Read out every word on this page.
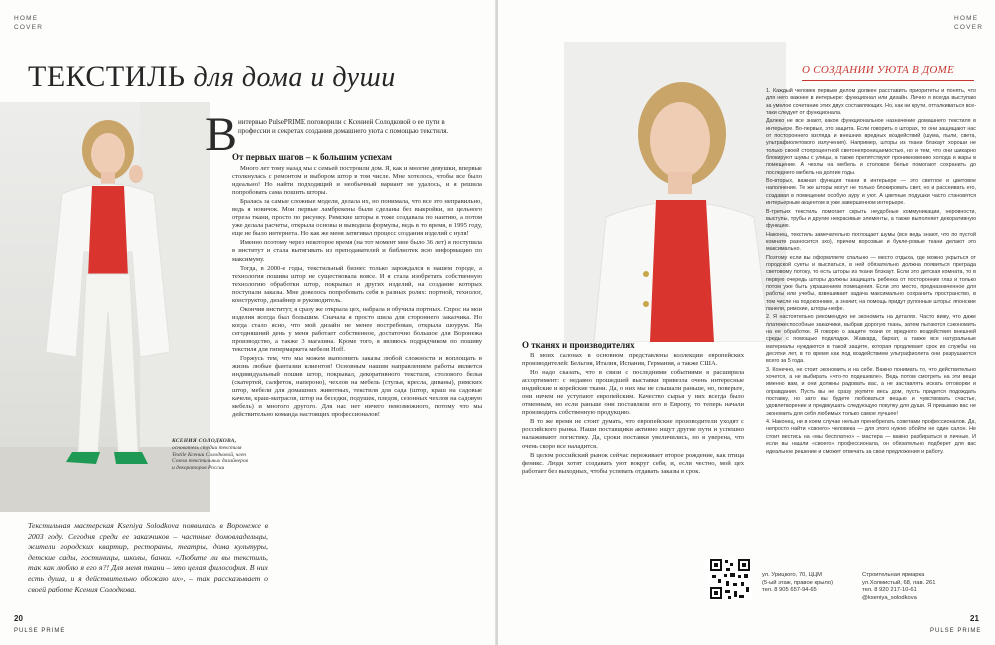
HOME
COVER
ТЕКСТИЛЬ для дома и души
КСЕНИЯ СОЛОДКОВА,
основатель студии текстиля Textile Ксении Солодковой, член Союза текстильных дизайнеров и декораторов России
В интервью PulsePRIME поговорили с Ксенией Солодковой о ее пути в профессии и секретах создания домашнего уюта с помощью текстиля.
От первых шагов – к большим успехам

Много лет тому назад мы с семьей построили дом. Я, как и многие девушки, впервые столкнулась с ремонтом и выбором штор в том числе. Мне хотелось, чтобы все было идеально! Но найти подходящий и необычный вариант не удалось, и я решила попробовать сама пошить шторы.

Бралась за самые сложные модели, делала их, но понимала, что все это неправильно, ведь я новичок. Мои первые ламбрекены были сделаны без выкройки, из цельного отреза ткани, просто по рисунку. Римские шторы я тоже создавала по наитию, а потом уже делала расчеты, открыла основы и выводила формулы, ведь в то время, в 1995 году, еще не было интернета. Но как же меня затягивал процесс создания изделий с нуля!

Именно поэтому через некоторое время (на тот момент мне было 36 лет) я поступила в институт и стала вытягивать из преподавателей и библиотек всю информацию по максимуму.

Тогда, в 2000-е годы, текстильный бизнес только зарождался в нашем городе, а технология пошива штор не существовала вовсе. И я стала изобретать собственную технологию обработки штор, покрывал и других изделий, на создание которых поступали заказы. Мне довелось попробовать себя в разных ролях: портной, технолог, конструктор, дизайнер и руководитель.

Окончив институт, я сразу же открыла цех, набрала и обучила портных. Спрос на мои изделия всегда был большим. Сначала я просто шила для стороннего заказчика. Но когда стало ясно, что мой дизайн не менее востребован, открыла шоурум. На сегодняшний день у меня работает собственное, достаточно большое для Воронежа производство, а также 3 магазина. Кроме того, я являюсь подрядчиком по пошиву текстиля для гипермаркета мебели Hoff.

Горжусь тем, что мы можем выполнить заказы любой сложности и воплощать в жизнь любые фантазии клиентов! Основным нашим направлением работы является индивидуальный пошив штор, покрывал, декоративного текстиля, столового белья (скатертей, салфеток, напероно), чехлов на мебель (стулья, кресла, диваны), римских штор, мебели для домашних животных, текстиля для сада (штор, краш на садовые качели, краш-матрасов, штор на беседки, подушек, пледов, сезонных чехлов на садовую мебель) и многого другого. Для нас нет ничего невозможного, потому что мы действительно команда настоящих профессионалов!

Текстильная мастерская Kseniya Solodkova появилась в Воронеже в 2003 году. Сегодня среди ее заказчиков – частные домовладельцы, жители городских квартир, рестораны, театры, дома культуры, детские сады, гостиницы, школы, банки. «Любите ли вы текстиль, так как люблю я его я?! Для меня ткани – это целая философия. В них есть душа, и я действительно обожаю их», – так рассказывает о своей работе Ксения Солодкова.
20
PULSE PRIME
HOME
COVER
О тканях и производителях

В моих салонах в основном представлены коллекции европейских производителей: Бельгия, Италия, Испания, Германия, а также США.

Но надо сказать, что в связи с последними событиями я расширила ассортимент: с недавно прошедшей выставки привезла очень интересные индийские и корейские ткани. Да, о них мы не слышали раньше, но, поверьте, они ничем не уступают европейским. Качество сырья у них всегда было отменным, но если раньше они поставляли его в Европу, то теперь начали производить собственную продукцию.

В то же время не стоит думать, что европейские производители уходят с российского рынка. Наши поставщики активно ищут другие пути и успешно налаживают логистику. Да, сроки поставки увеличились, но я уверена, что очень скоро все наладится.

В целом российский рынок сейчас переживает второе рождение, как птица феникс. Люди хотят создавать уют вокруг себя, и, если честно, мой цех работает без выходных, чтобы успевать отдавать заказы в срок.

О СОЗДАНИИ УЮТА В ДОМЕ

1. Каждый человек первым делом должен расставить приоритеты и понять, что для него важнее в интерьере: функционал или дизайн. Лично я всегда выступаю за умелое сочетание этих двух составляющих. Но, как ни крути, отталкиваться все-таки следует от функционала.

Далеко не все знают, какое функциональное назначение домашнего текстиля в интерьере. Во-первых, это защита. Если говорить о шторах, то они защищают нас от постороннего взгляда и внешних вредных воздействий (шума, пыли, света, ультрафиолетового излучения). Например, шторы из ткани блэкаут хороши не только своей стопроцентной светонепроницаемостью, но и тем, что они шикарно блокируют шумы с улицы, а также препятствуют проникновению холода и жары в помещение. А чехлы на мебель и столовое белье помогают сохранить до последнего мебель на долгие годы.

Во-вторых, важная функция ткани в интерьере — это светлое и цветовое наполнение. Те же шторы могут не только блокировать свет, но и рассеивать его, создавая в помещении особую ауру и уют. А цветные подушки часто становятся интерьерным акцентом в уже завершенном интерьере.

В-третьих текстиль помогает скрыть неудобные коммуникации, неровности, выступы, трубы и другие некрасивые элементы, а также выполняет декоративную функцию.

Наконец, текстиль замечательно поглощает шумы (все ведь знают, что по пустой комнате разносится эхо), причем ворсовые и букле-ровые ткани делают это максимально.

Поэтому если вы оформляете спальню — место отдыха, где можно укрыться от городской суеты и выспаться, в ней обязательно должна появиться преграда световому потоку, то есть шторы из ткани блэкаут. Если это детская комната, то в первую очередь шторы должны защищать ребенка от посторонних глаз и только потом уже быть украшением помещения. Если это место, предназначенное для работы или учебы, взвешивает задача максимально сохранить пространство, в том числе на подоконнике, а значит, на помощь придут рулонные шторы: японские панели, римские, шторы-нефе.

2. Я настоятельно рекомендую не экономить на деталях. Часто вижу, что даже платежеспособные заказчики, выбрав дорогую ткань, затем пытаются сэкономить на ее обработке. Я говорю о защите ткани от вредного воздействия внешней среды с помощью подкладки. Жаккард, бархат, а также все натуральные материалы нуждаются в такой защите, которая продлевает срок их службы на десятки лет, в то время как под воздействием ультрафиолета они разрушаются всего за 5 года.

3. Конечно, не стоит экономить и на себе. Важно понимать то, что действительно хочется, а не выбирать «что-то подешевле». Ведь потом смотреть на эти вещи именно вам, и они должны радовать вас, а не заставлять искать отговорки и оправдания. Пусть вы не сразу укупите весь дом, пусть придется подождать поставку, но зато вы будете любоваться вещью и чувствовать счастье, удовлетворение и предвкушать следующую покупку для души. Я призываю вас не экономить для себя любимых только самое лучшее!

4. Наконец, ни в коем случае нельзя пренебрегать советами профессионалов. Да, непросто найти «своего» человека — для этого нужно обойти не один салон. Не стоит вестись на «мы бесплатно» – мастера — важно разбираться в личные. И если вы нашли «своего» профессионала, он обязательно подберет для вас идеальное решение и сможет отвечать за свои предложения и работу.

ул. Урицкого, 70, ЦЦМ
(5-ый этаж, правое крыло)
тел. 8 905 657-94-65
Строительная ярмарка
ул.Холмистый, 68, пав. 261
тел. 8 920 217-10-61
@kseniya_solodkova
21
PULSE PRIME
